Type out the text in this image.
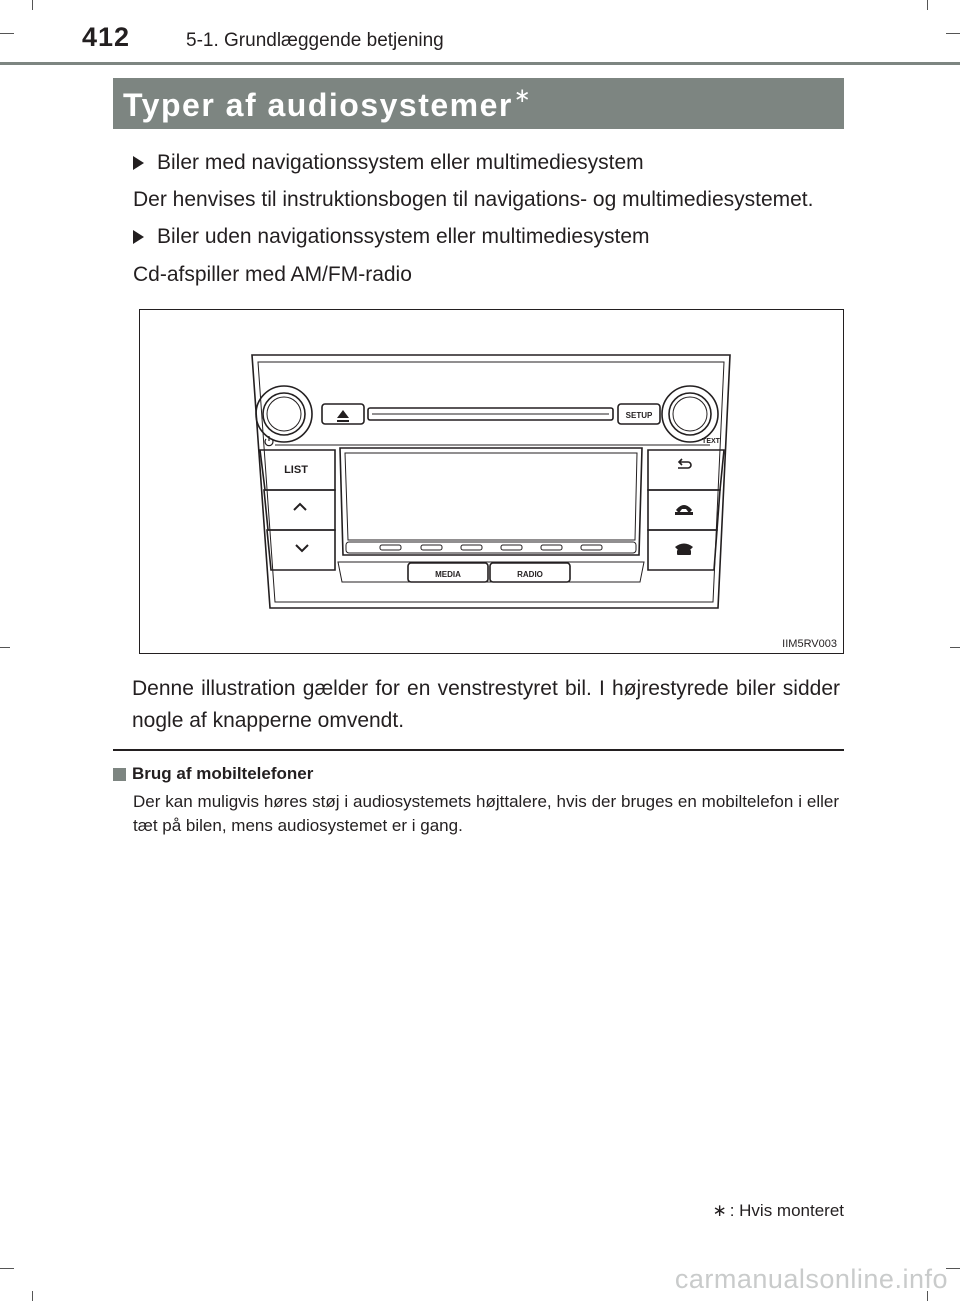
412	5-1. Grundlæggende betjening
Typer af audiosystemer∗
Biler med navigationssystem eller multimediesystem
Der henvises til instruktionsbogen til navigations- og multimediesystemet.
Biler uden navigationssystem eller multimediesystem
Cd-afspiller med AM/FM-radio
LIST
SETUP
TEXT
MEDIA	RADIO
IIM5RV003
Denne illustration gælder for en venstrestyret bil. I højrestyrede biler sidder nogle af knapperne omvendt.
Brug af mobiltelefoner
Der kan muligvis høres støj i audiosystemets højttalere, hvis der bruges en mobiltelefon i eller tæt på bilen, mens audiosystemet er i gang.
∗ : Hvis monteret
carmanualsonline.info
